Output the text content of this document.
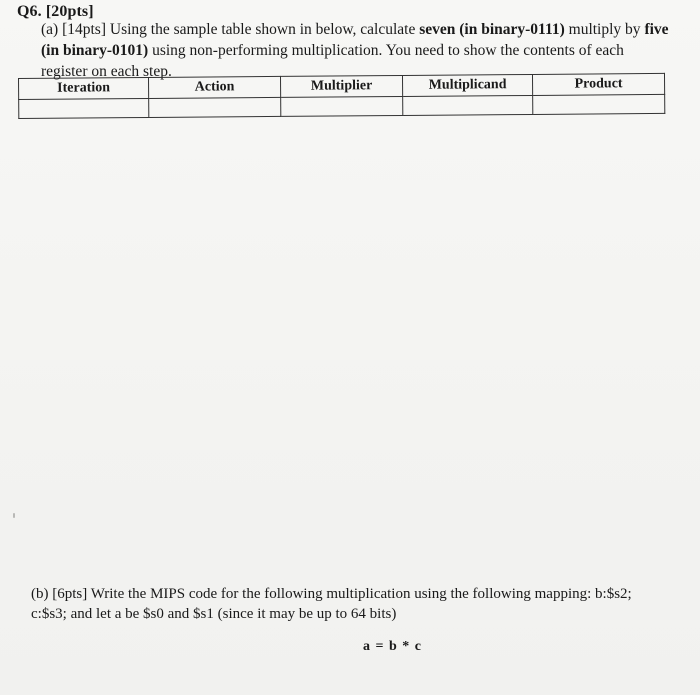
Q6. [20pts]
(a) [14pts] Using the sample table shown in below, calculate seven (in binary-0111) multiply by five (in binary-0101) using non-performing multiplication. You need to show the contents of each register on each step.
Iteration	Action	Multiplier	Multiplicand	Product

(b) [6pts] Write the MIPS code for the following multiplication using the following mapping: b:$s2; c:$s3; and let a be $s0 and $s1 (since it may be up to 64 bits)
a = b * c
